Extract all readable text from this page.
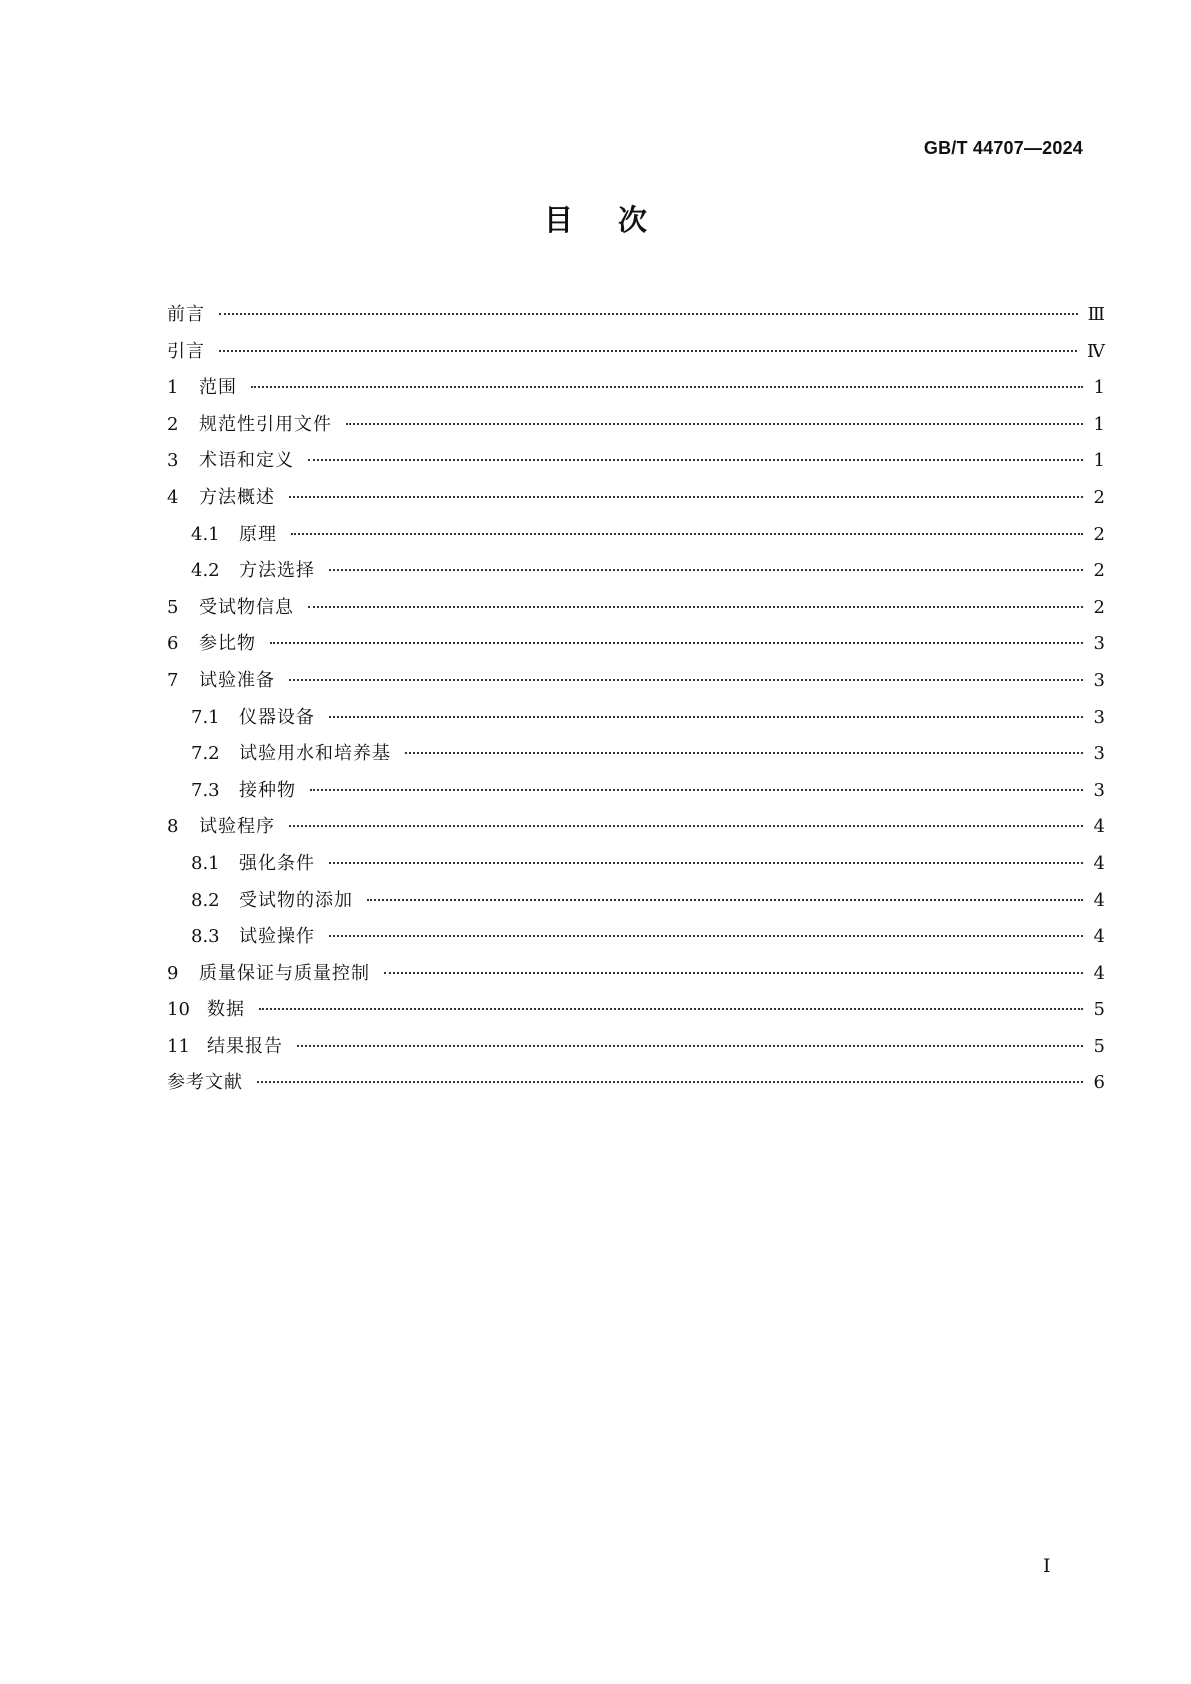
GB/T 44707—2024
目次
前言	Ⅲ
引言	Ⅳ
1	范围	1
2	规范性引用文件	1
3	术语和定义	1
4	方法概述	2
4.1	原理	2
4.2	方法选择	2
5	受试物信息	2
6	参比物	3
7	试验准备	3
7.1	仪器设备	3
7.2	试验用水和培养基	3
7.3	接种物	3
8	试验程序	4
8.1	强化条件	4
8.2	受试物的添加	4
8.3	试验操作	4
9	质量保证与质量控制	4
10 数据	5
11 结果报告	5
参考文献	6
I
